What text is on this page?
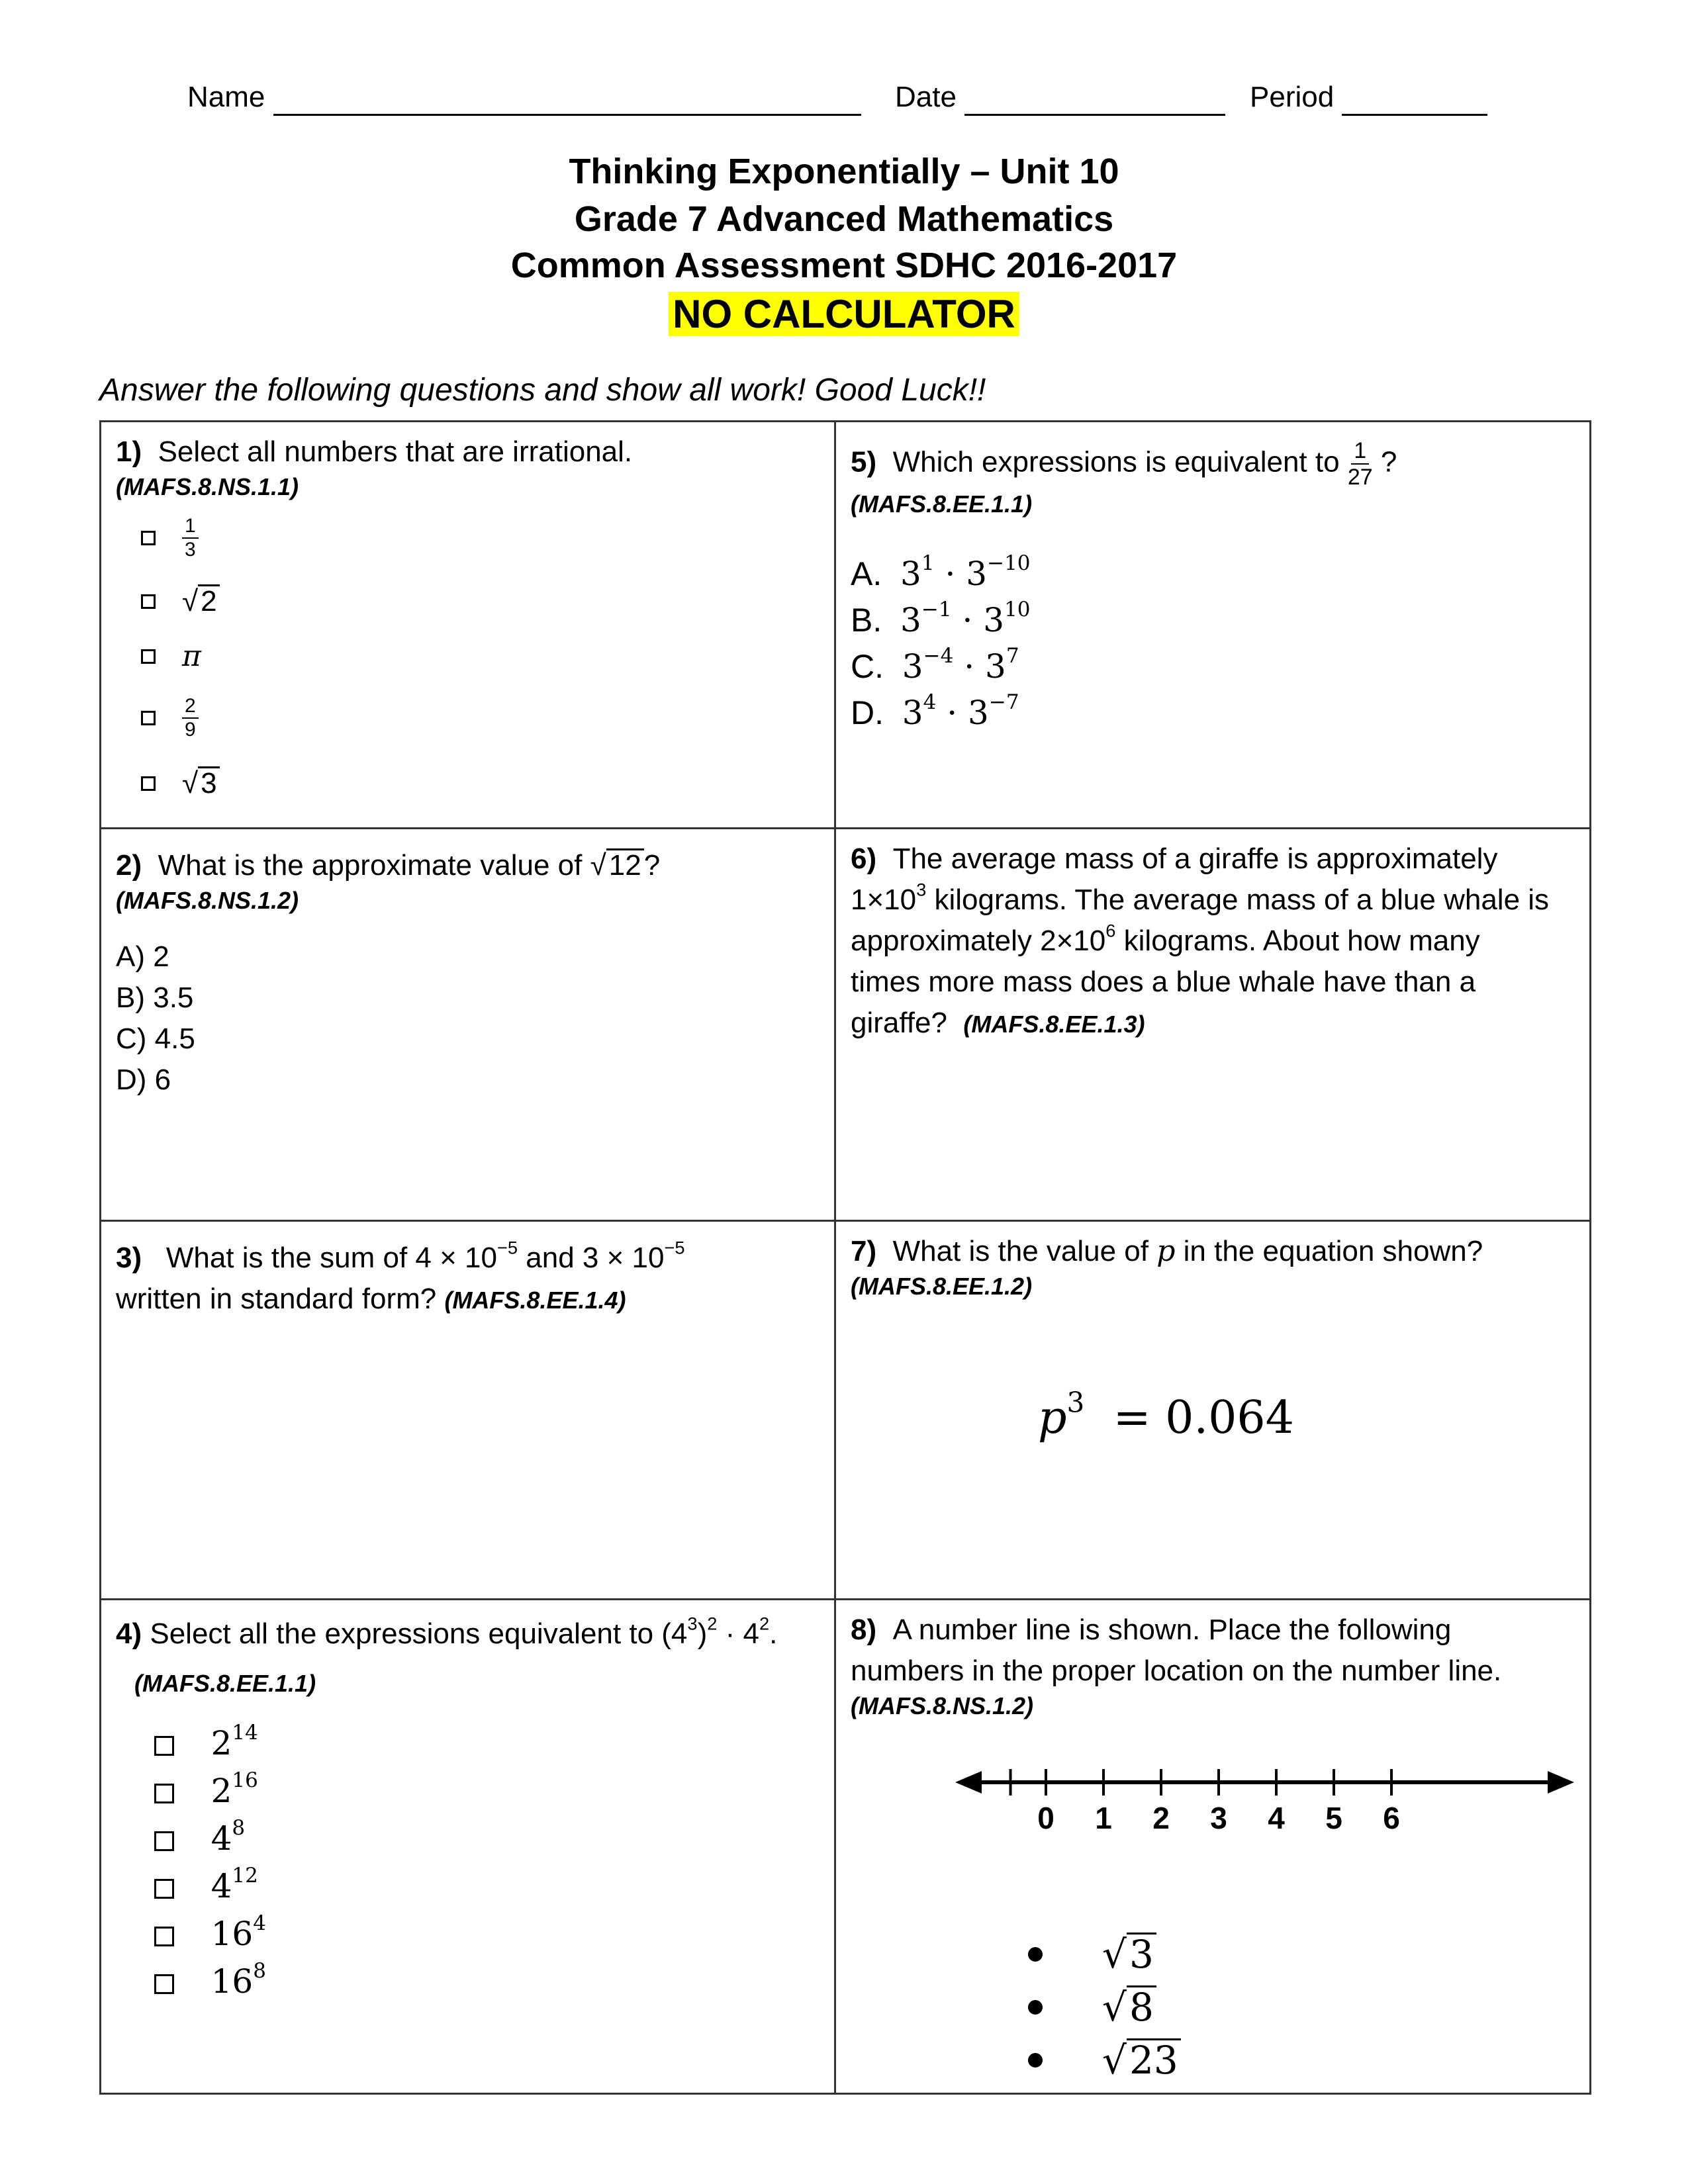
Name	Date	Period
Thinking Exponentially – Unit 10
Grade 7 Advanced Mathematics
Common Assessment SDHC 2016-2017
NO CALCULATOR
Answer the following questions and show all work! Good Luck!!
1) Select all numbers that are irrational.
(MAFS.8.NS.1.1)
$\frac{1}{3}$
√2
π
$\frac{2}{9}$
√3
5) Which expressions is equivalent to $\frac{1}{27}$ ?
(MAFS.8.EE.1.1)
A. $3^1 \cdot 3^{-10}$
B. $3^{-1} \cdot 3^{10}$
C. $3^{-4} \cdot 3^7$
D. $3^4 \cdot 3^{-7}$
2) What is the approximate value of √12?
(MAFS.8.NS.1.2)
A) 2
B) 3.5
C) 4.5
D) 6
6) The average mass of a giraffe is approximately
$1\times 10^3$ kilograms. The average mass of a blue whale is
approximately $2\times 10^6$ kilograms. About how many
times more mass does a blue whale have than a
giraffe? (MAFS.8.EE.1.3)
3) What is the sum of $4 \times 10^{-5}$ and $3 \times 10^{-5}$
written in standard form? (MAFS.8.EE.1.4)
7) What is the value of p in the equation shown?
(MAFS.8.EE.1.2)
$p^3 = 0.064$
4) Select all the expressions equivalent to $(4^3)^2 \cdot 4^2$.
(MAFS.8.EE.1.1)
$2^{14}$
$2^{16}$
$4^8$
$4^{12}$
$16^4$
$16^8$
8) A number line is shown. Place the following
numbers in the proper location on the number line.
(MAFS.8.NS.1.2)
0 1 2 3 4 5 6
√3
√8
√23
